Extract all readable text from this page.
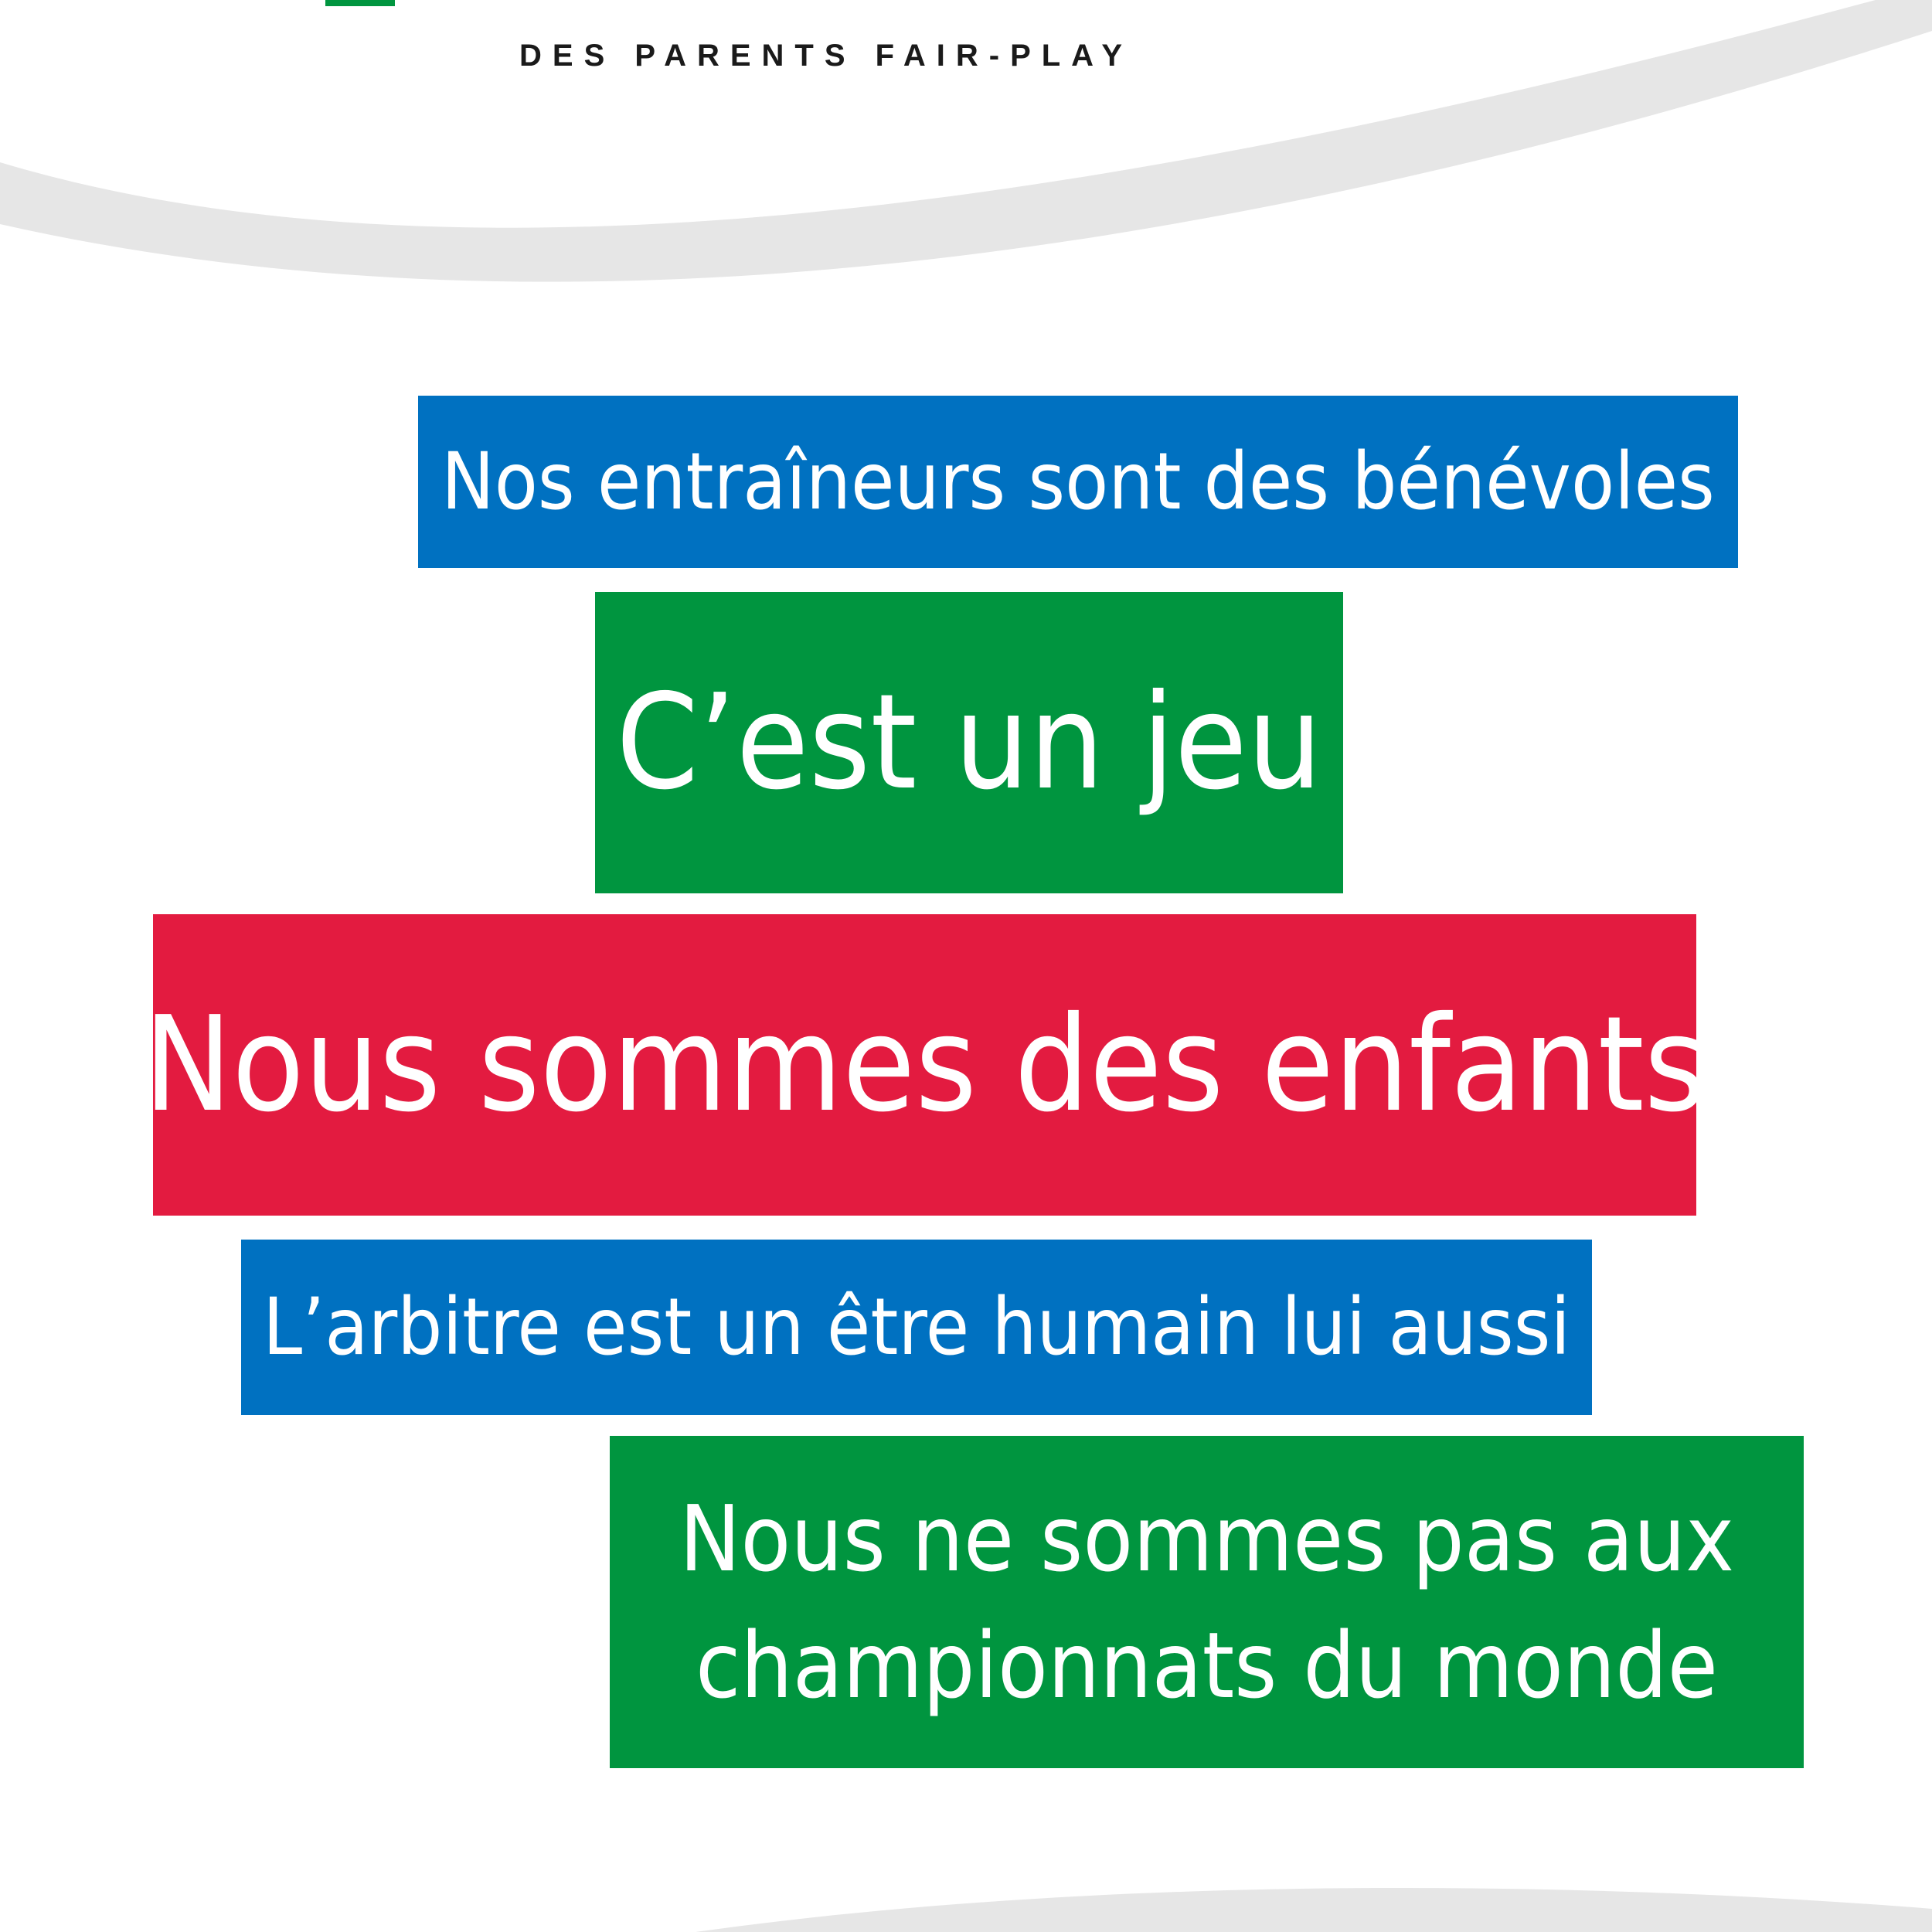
DES PARENTS FAIR-PLAY
Nos entraîneurs sont des bénévoles
C’est un jeu
Nous sommes des enfants
L’arbitre est un être humain lui aussi
Nous ne sommes pas aux
championnats du monde
